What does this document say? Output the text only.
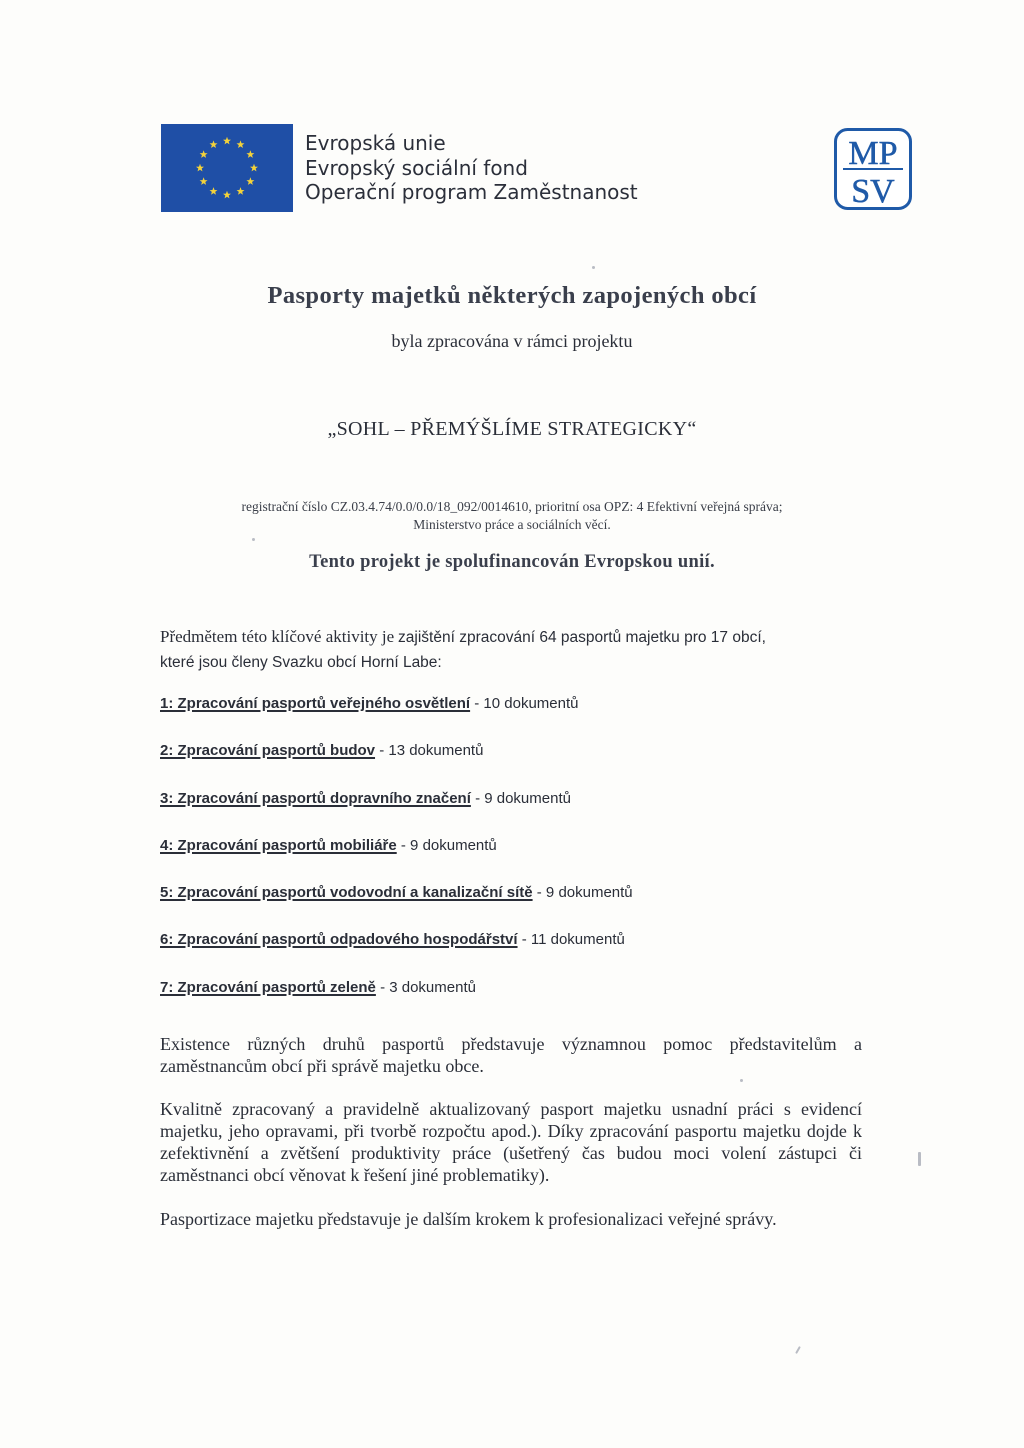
Evropská unie
Evropský sociální fond
Operační program Zaměstnanost
MP
SV
Pasporty majetků některých zapojených obcí
byla zpracována v rámci projektu
„SOHL – PŘEMÝŠLÍME STRATEGICKY“
registrační číslo CZ.03.4.74/0.0/0.0/18_092/0014610, prioritní osa OPZ: 4 Efektivní veřejná správa;
Ministerstvo práce a sociálních věcí.
Tento projekt je spolufinancován Evropskou unií.
Předmětem této klíčové aktivity je zajištění zpracování 64 pasportů majetku pro 17 obcí,
které jsou členy Svazku obcí Horní Labe:
1: Zpracování pasportů veřejného osvětlení - 10 dokumentů
2: Zpracování pasportů budov - 13 dokumentů
3: Zpracování pasportů dopravního značení - 9 dokumentů
4: Zpracování pasportů mobiliáře - 9 dokumentů
5: Zpracování pasportů vodovodní a kanalizační sítě - 9 dokumentů
6: Zpracování pasportů odpadového hospodářství - 11 dokumentů
7: Zpracování pasportů zeleně - 3 dokumentů
Existence různých druhů pasportů představuje významnou pomoc představitelům a zaměstnancům obcí při správě majetku obce.
Kvalitně zpracovaný a pravidelně aktualizovaný pasport majetku usnadní práci s evidencí majetku, jeho opravami, při tvorbě rozpočtu apod.). Díky zpracování pasportu majetku dojde k zefektivnění a zvětšení produktivity práce (ušetřený čas budou moci volení zástupci či zaměstnanci obcí věnovat k řešení jiné problematiky).
Pasportizace majetku představuje je dalším krokem k profesionalizaci veřejné správy.
